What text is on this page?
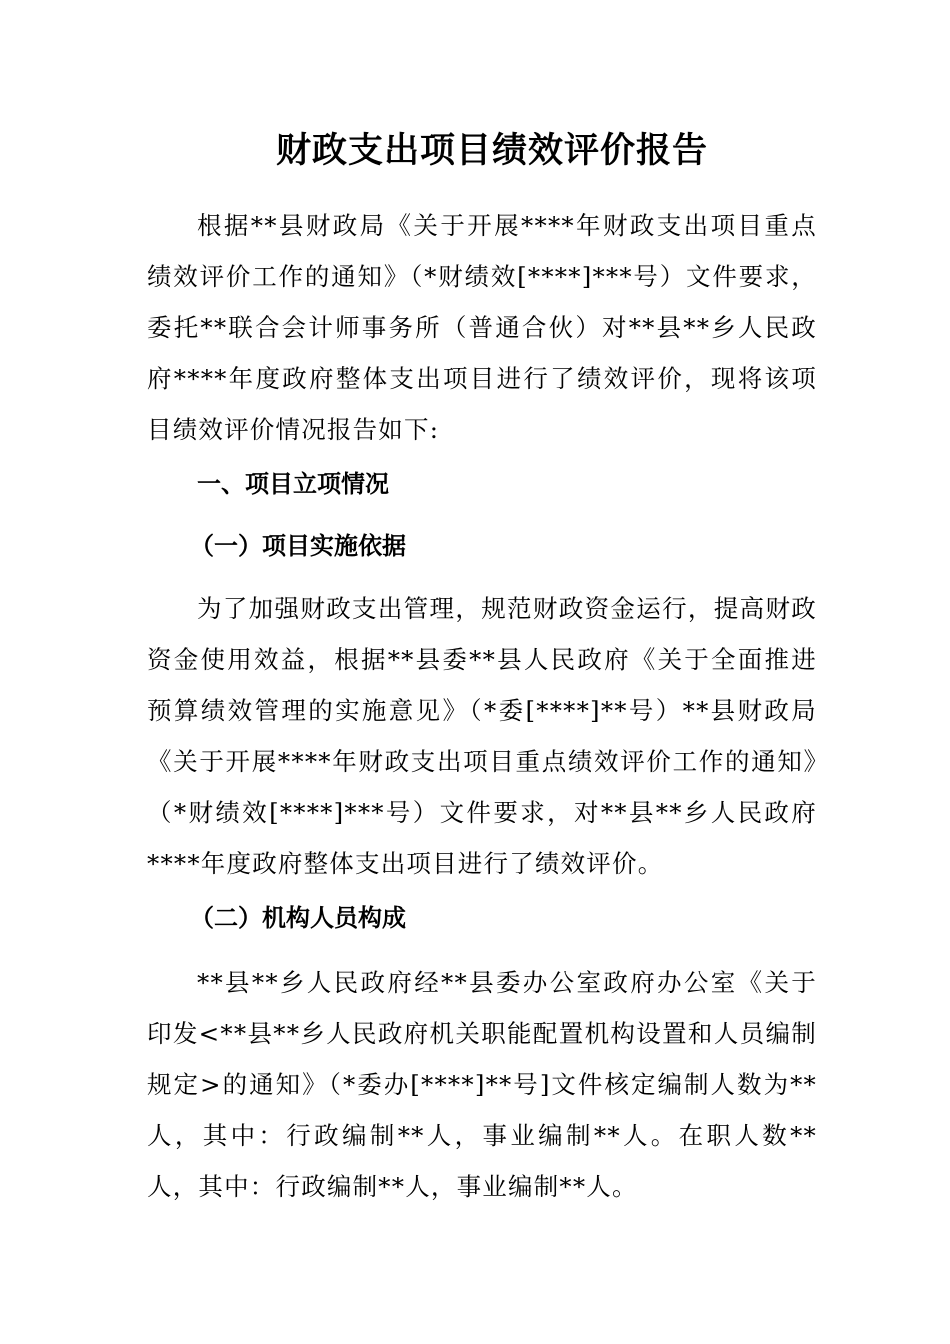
财政支出项目绩效评价报告

根据**县财政局《关于开展****年财政支出项目重点绩效评价工作的通知》（*财绩效[****]***号）文件要求，委托**联合会计师事务所（普通合伙）对**县**乡人民政府****年度政府整体支出项目进行了绩效评价，现将该项目绩效评价情况报告如下:

一、项目立项情况
（一）项目实施依据

为了加强财政支出管理，规范财政资金运行，提高财政资金使用效益，根据**县委**县人民政府《关于全面推进预算绩效管理的实施意见》（*委[****]**号）**县财政局《关于开展****年财政支出项目重点绩效评价工作的通知》（*财绩效[****]***号）文件要求，对**县**乡人民政府****年度政府整体支出项目进行了绩效评价。

（二）机构人员构成

**县**乡人民政府经**县委办公室政府办公室《关于印发<**县**乡人民政府机关职能配置机构设置和人员编制规定>的通知》（*委办[****]**号]文件核定编制人数为**人，其中：行政编制**人，事业编制**人。在职人数**人，其中：行政编制**人，事业编制**人。
